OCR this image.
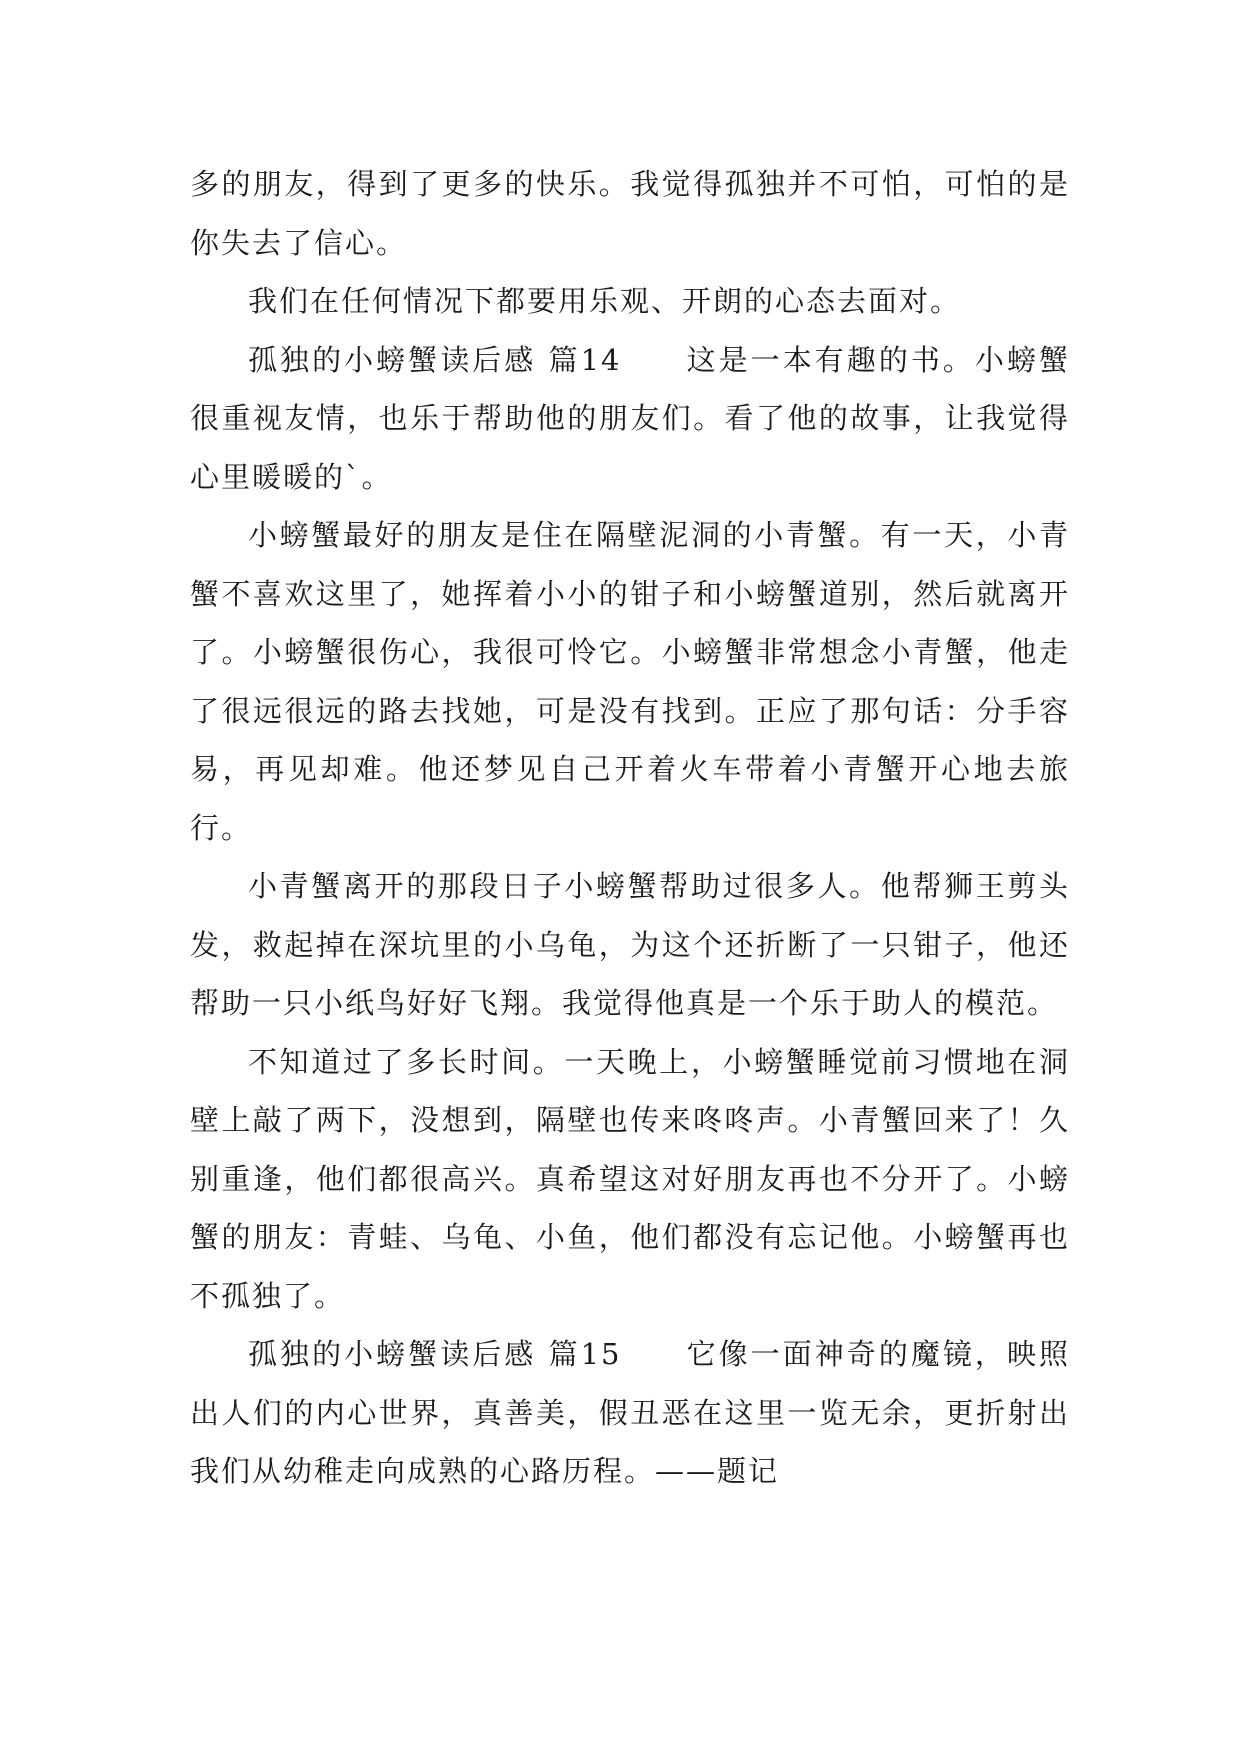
多的朋友，得到了更多的快乐。我觉得孤独并不可怕，可怕的是你失去了信心。

我们在任何情况下都要用乐观、开朗的心态去面对。

孤独的小螃蟹读后感 篇14　　这是一本有趣的书。小螃蟹很重视友情，也乐于帮助他的朋友们。看了他的故事，让我觉得心里暖暖的`。

小螃蟹最好的朋友是住在隔壁泥洞的小青蟹。有一天，小青蟹不喜欢这里了，她挥着小小的钳子和小螃蟹道别，然后就离开了。小螃蟹很伤心，我很可怜它。小螃蟹非常想念小青蟹，他走了很远很远的路去找她，可是没有找到。正应了那句话：分手容易，再见却难。他还梦见自己开着火车带着小青蟹开心地去旅行。

小青蟹离开的那段日子小螃蟹帮助过很多人。他帮狮王剪头发，救起掉在深坑里的小乌龟，为这个还折断了一只钳子，他还帮助一只小纸鸟好好飞翔。我觉得他真是一个乐于助人的模范。

不知道过了多长时间。一天晚上，小螃蟹睡觉前习惯地在洞壁上敲了两下，没想到，隔壁也传来咚咚声。小青蟹回来了！久别重逢，他们都很高兴。真希望这对好朋友再也不分开了。小螃蟹的朋友：青蛙、乌龟、小鱼，他们都没有忘记他。小螃蟹再也不孤独了。

孤独的小螃蟹读后感 篇15　　它像一面神奇的魔镜，映照出人们的内心世界，真善美，假丑恶在这里一览无余，更折射出我们从幼稚走向成熟的心路历程。——题记
